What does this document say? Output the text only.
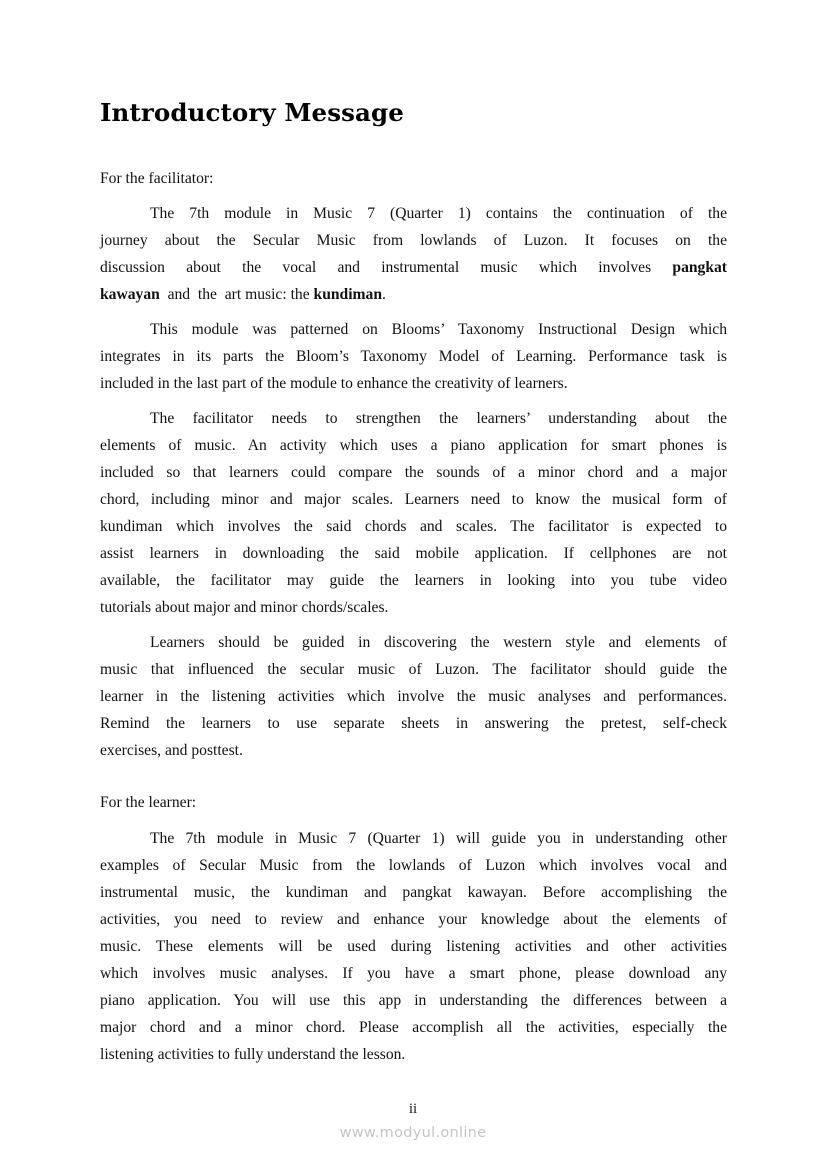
Introductory Message
For the facilitator:
The 7th module in Music 7 (Quarter 1) contains the continuation of the
journey about the Secular Music from lowlands of Luzon. It focuses on the
discussion about the vocal and instrumental music which involves pangkat
kawayan  and  the  art music: the kundiman.
This module was patterned on Blooms’ Taxonomy Instructional Design which
integrates in its parts the Bloom’s Taxonomy Model of Learning. Performance task is
included in the last part of the module to enhance the creativity of learners.
The facilitator needs to strengthen the learners’ understanding about the
elements of music. An activity which uses a piano application for smart phones is
included so that learners could compare the sounds of a minor chord and a major
chord, including minor and major scales. Learners need to know the musical form of
kundiman which involves the said chords and scales. The facilitator is expected to
assist learners in downloading the said mobile application. If cellphones are not
available, the facilitator may guide the learners in looking into you tube video
tutorials about major and minor chords/scales.
Learners should be guided in discovering the western style and elements of
music that influenced the secular music of Luzon. The facilitator should guide the
learner in the listening activities which involve the music analyses and performances.
Remind the learners to use separate sheets in answering the pretest, self-check
exercises, and posttest.
For the learner:
The 7th module in Music 7 (Quarter 1) will guide you in understanding other
examples of Secular Music from the lowlands of Luzon which involves vocal and
instrumental music, the kundiman and pangkat kawayan. Before accomplishing the
activities, you need to review and enhance your knowledge about the elements of
music. These elements will be used during listening activities and other activities
which involves music analyses. If you have a smart phone, please download any
piano application. You will use this app in understanding the differences between a
major chord and a minor chord. Please accomplish all the activities, especially the
listening activities to fully understand the lesson.
ii
www.modyul.online
